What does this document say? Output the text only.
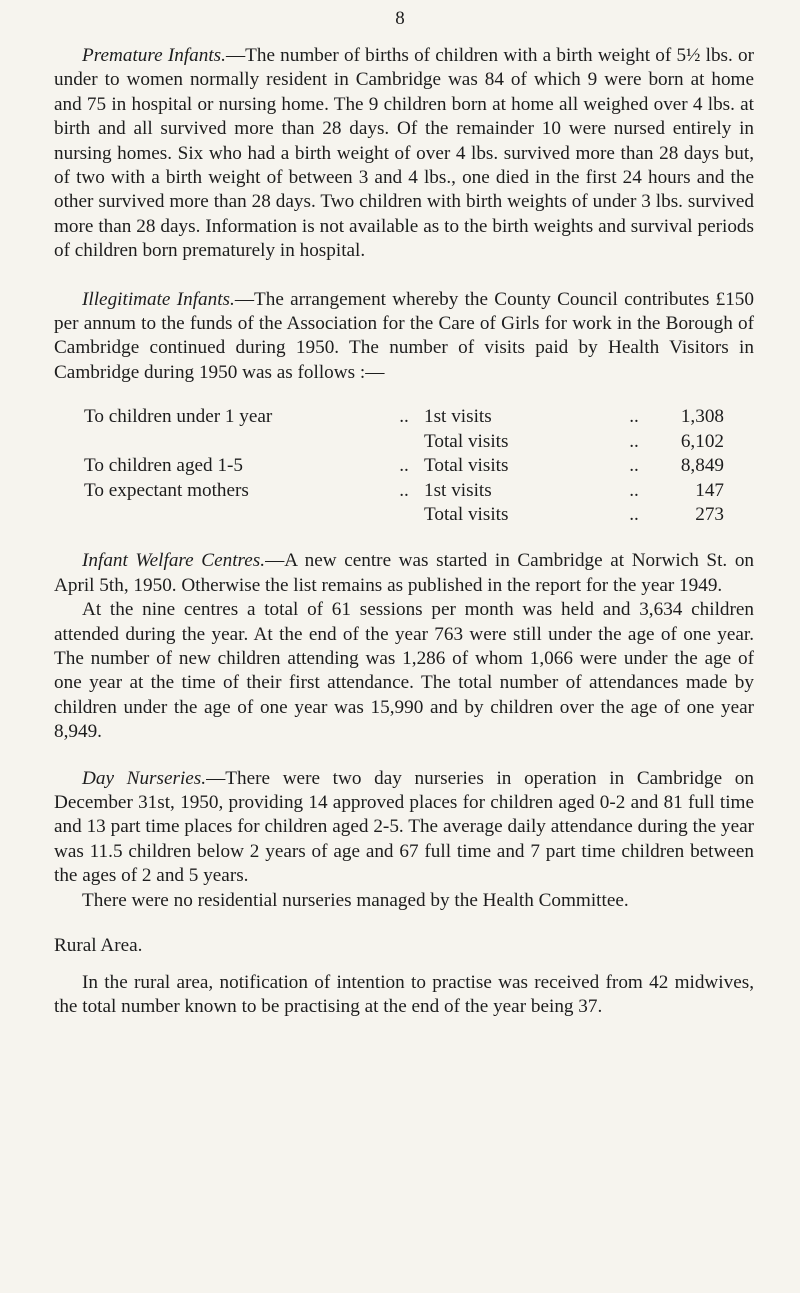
8

Premature Infants.—The number of births of children with a birth weight of 5½ lbs. or under to women normally resident in Cambridge was 84 of which 9 were born at home and 75 in hospital or nursing home. The 9 children born at home all weighed over 4 lbs. at birth and all survived more than 28 days. Of the remainder 10 were nursed entirely in nursing homes. Six who had a birth weight of over 4 lbs. survived more than 28 days but, of two with a birth weight of between 3 and 4 lbs., one died in the first 24 hours and the other survived more than 28 days. Two children with birth weights of under 3 lbs. survived more than 28 days. Information is not available as to the birth weights and survival periods of children born prematurely in hospital.

Illegitimate Infants.—The arrangement whereby the County Council contributes £150 per annum to the funds of the Association for the Care of Girls for work in the Borough of Cambridge continued during 1950. The number of visits paid by Health Visitors in Cambridge during 1950 was as follows :—

To children under 1 year	..	1st visits	..	1,308
		Total visits	..	6,102
To children aged 1-5	..	Total visits	..	8,849
To expectant mothers	..	1st visits	..	147
		Total visits	..	273

Infant Welfare Centres.—A new centre was started in Cambridge at Norwich St. on April 5th, 1950. Otherwise the list remains as published in the report for the year 1949.

At the nine centres a total of 61 sessions per month was held and 3,634 children attended during the year. At the end of the year 763 were still under the age of one year. The number of new children attending was 1,286 of whom 1,066 were under the age of one year at the time of their first attendance. The total number of attendances made by children under the age of one year was 15,990 and by children over the age of one year 8,949.

Day Nurseries.—There were two day nurseries in operation in Cambridge on December 31st, 1950, providing 14 approved places for children aged 0-2 and 81 full time and 13 part time places for children aged 2-5. The average daily attendance during the year was 11.5 children below 2 years of age and 67 full time and 7 part time children between the ages of 2 and 5 years.

There were no residential nurseries managed by the Health Committee.

Rural Area.

In the rural area, notification of intention to practise was received from 42 midwives, the total number known to be practising at the end of the year being 37.
